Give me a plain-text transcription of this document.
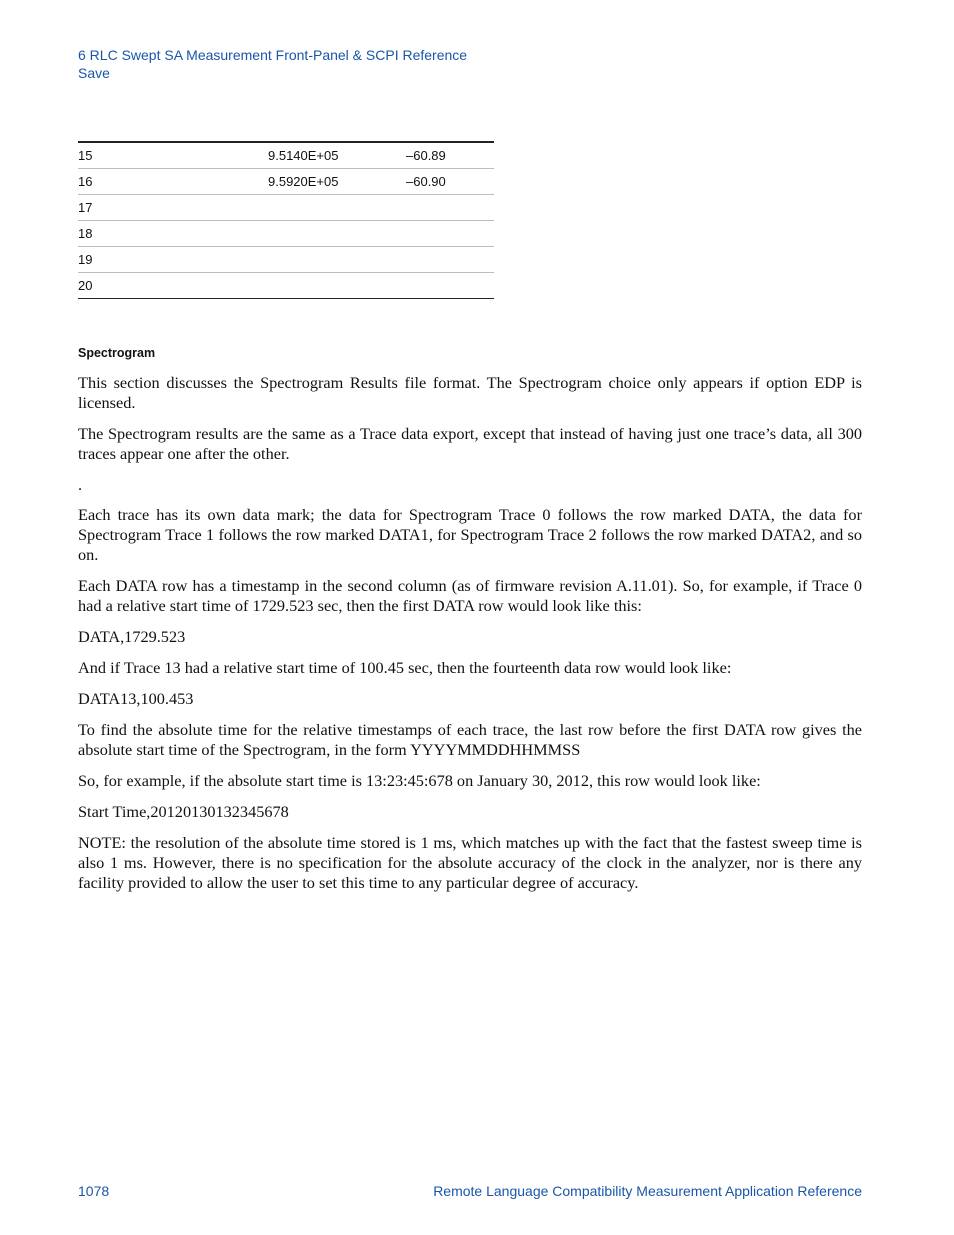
6 RLC Swept SA Measurement Front-Panel & SCPI Reference
Save
15	9.5140E+05	–60.89
16	9.5920E+05	–60.90
17		
18		
19		
20		
Spectrogram

This section discusses the Spectrogram Results file format. The Spectrogram choice only appears if option EDP is licensed.

The Spectrogram results are the same as a Trace data export, except that instead of having just one trace’s data, all 300 traces appear one after the other.

.

Each trace has its own data mark; the data for Spectrogram Trace 0 follows the row marked DATA, the data for Spectrogram Trace 1 follows the row marked DATA1, for Spectrogram Trace 2 follows the row marked DATA2, and so on.

Each DATA row has a timestamp in the second column (as of firmware revision A.11.01). So, for example, if Trace 0 had a relative start time of 1729.523 sec, then the first DATA row would look like this:

DATA,1729.523

And if Trace 13 had a relative start time of 100.45 sec, then the fourteenth data row would look like:

DATA13,100.453

To find the absolute time for the relative timestamps of each trace, the last row before the first DATA row gives the absolute start time of the Spectrogram, in the form YYYYMMDDHHMMSS

So, for example, if the absolute start time is 13:23:45:678 on January 30, 2012, this row would look like:

Start Time,20120130132345678

NOTE: the resolution of the absolute time stored is 1 ms, which matches up with the fact that the fastest sweep time is also 1 ms. However, there is no specification for the absolute accuracy of the clock in the analyzer, nor is there any facility provided to allow the user to set this time to any particular degree of accuracy.

1078	Remote Language Compatibility Measurement Application Reference
